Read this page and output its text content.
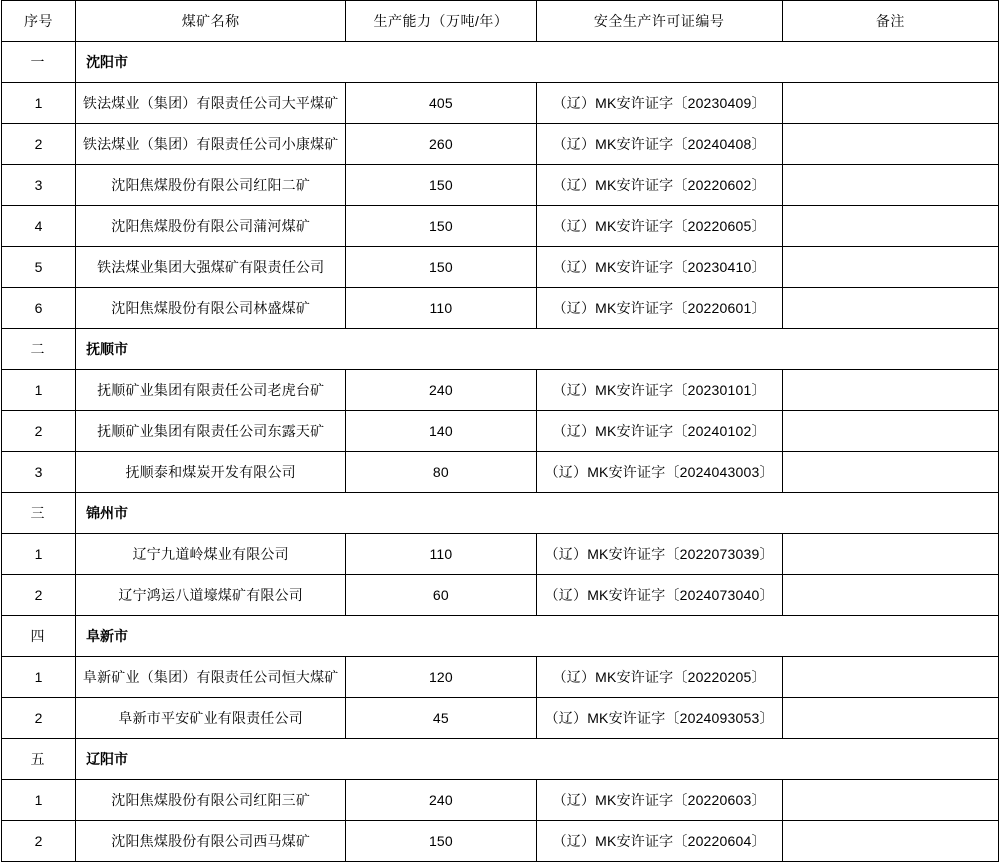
序号	煤矿名称	生产能力（万吨/年）	安全生产许可证编号	备注
一	沈阳市			
1	铁法煤业（集团）有限责任公司大平煤矿	405	（辽）MK安许证字〔20230409〕	
2	铁法煤业（集团）有限责任公司小康煤矿	260	（辽）MK安许证字〔20240408〕	
3	沈阳焦煤股份有限公司红阳二矿	150	（辽）MK安许证字〔20220602〕	
4	沈阳焦煤股份有限公司蒲河煤矿	150	（辽）MK安许证字〔20220605〕	
5	铁法煤业集团大强煤矿有限责任公司	150	（辽）MK安许证字〔20230410〕	
6	沈阳焦煤股份有限公司林盛煤矿	110	（辽）MK安许证字〔20220601〕	
二	抚顺市			
1	抚顺矿业集团有限责任公司老虎台矿	240	（辽）MK安许证字〔20230101〕	
2	抚顺矿业集团有限责任公司东露天矿	140	（辽）MK安许证字〔20240102〕	
3	抚顺泰和煤炭开发有限公司	80	（辽）MK安许证字〔2024043003〕	
三	锦州市			
1	辽宁九道岭煤业有限公司	110	（辽）MK安许证字〔2022073039〕	
2	辽宁鸿运八道壕煤矿有限公司	60	（辽）MK安许证字〔2024073040〕	
四	阜新市			
1	阜新矿业（集团）有限责任公司恒大煤矿	120	（辽）MK安许证字〔20220205〕	
2	阜新市平安矿业有限责任公司	45	（辽）MK安许证字〔2024093053〕	
五	辽阳市			
1	沈阳焦煤股份有限公司红阳三矿	240	（辽）MK安许证字〔20220603〕	
2	沈阳焦煤股份有限公司西马煤矿	150	（辽）MK安许证字〔20220604〕	
